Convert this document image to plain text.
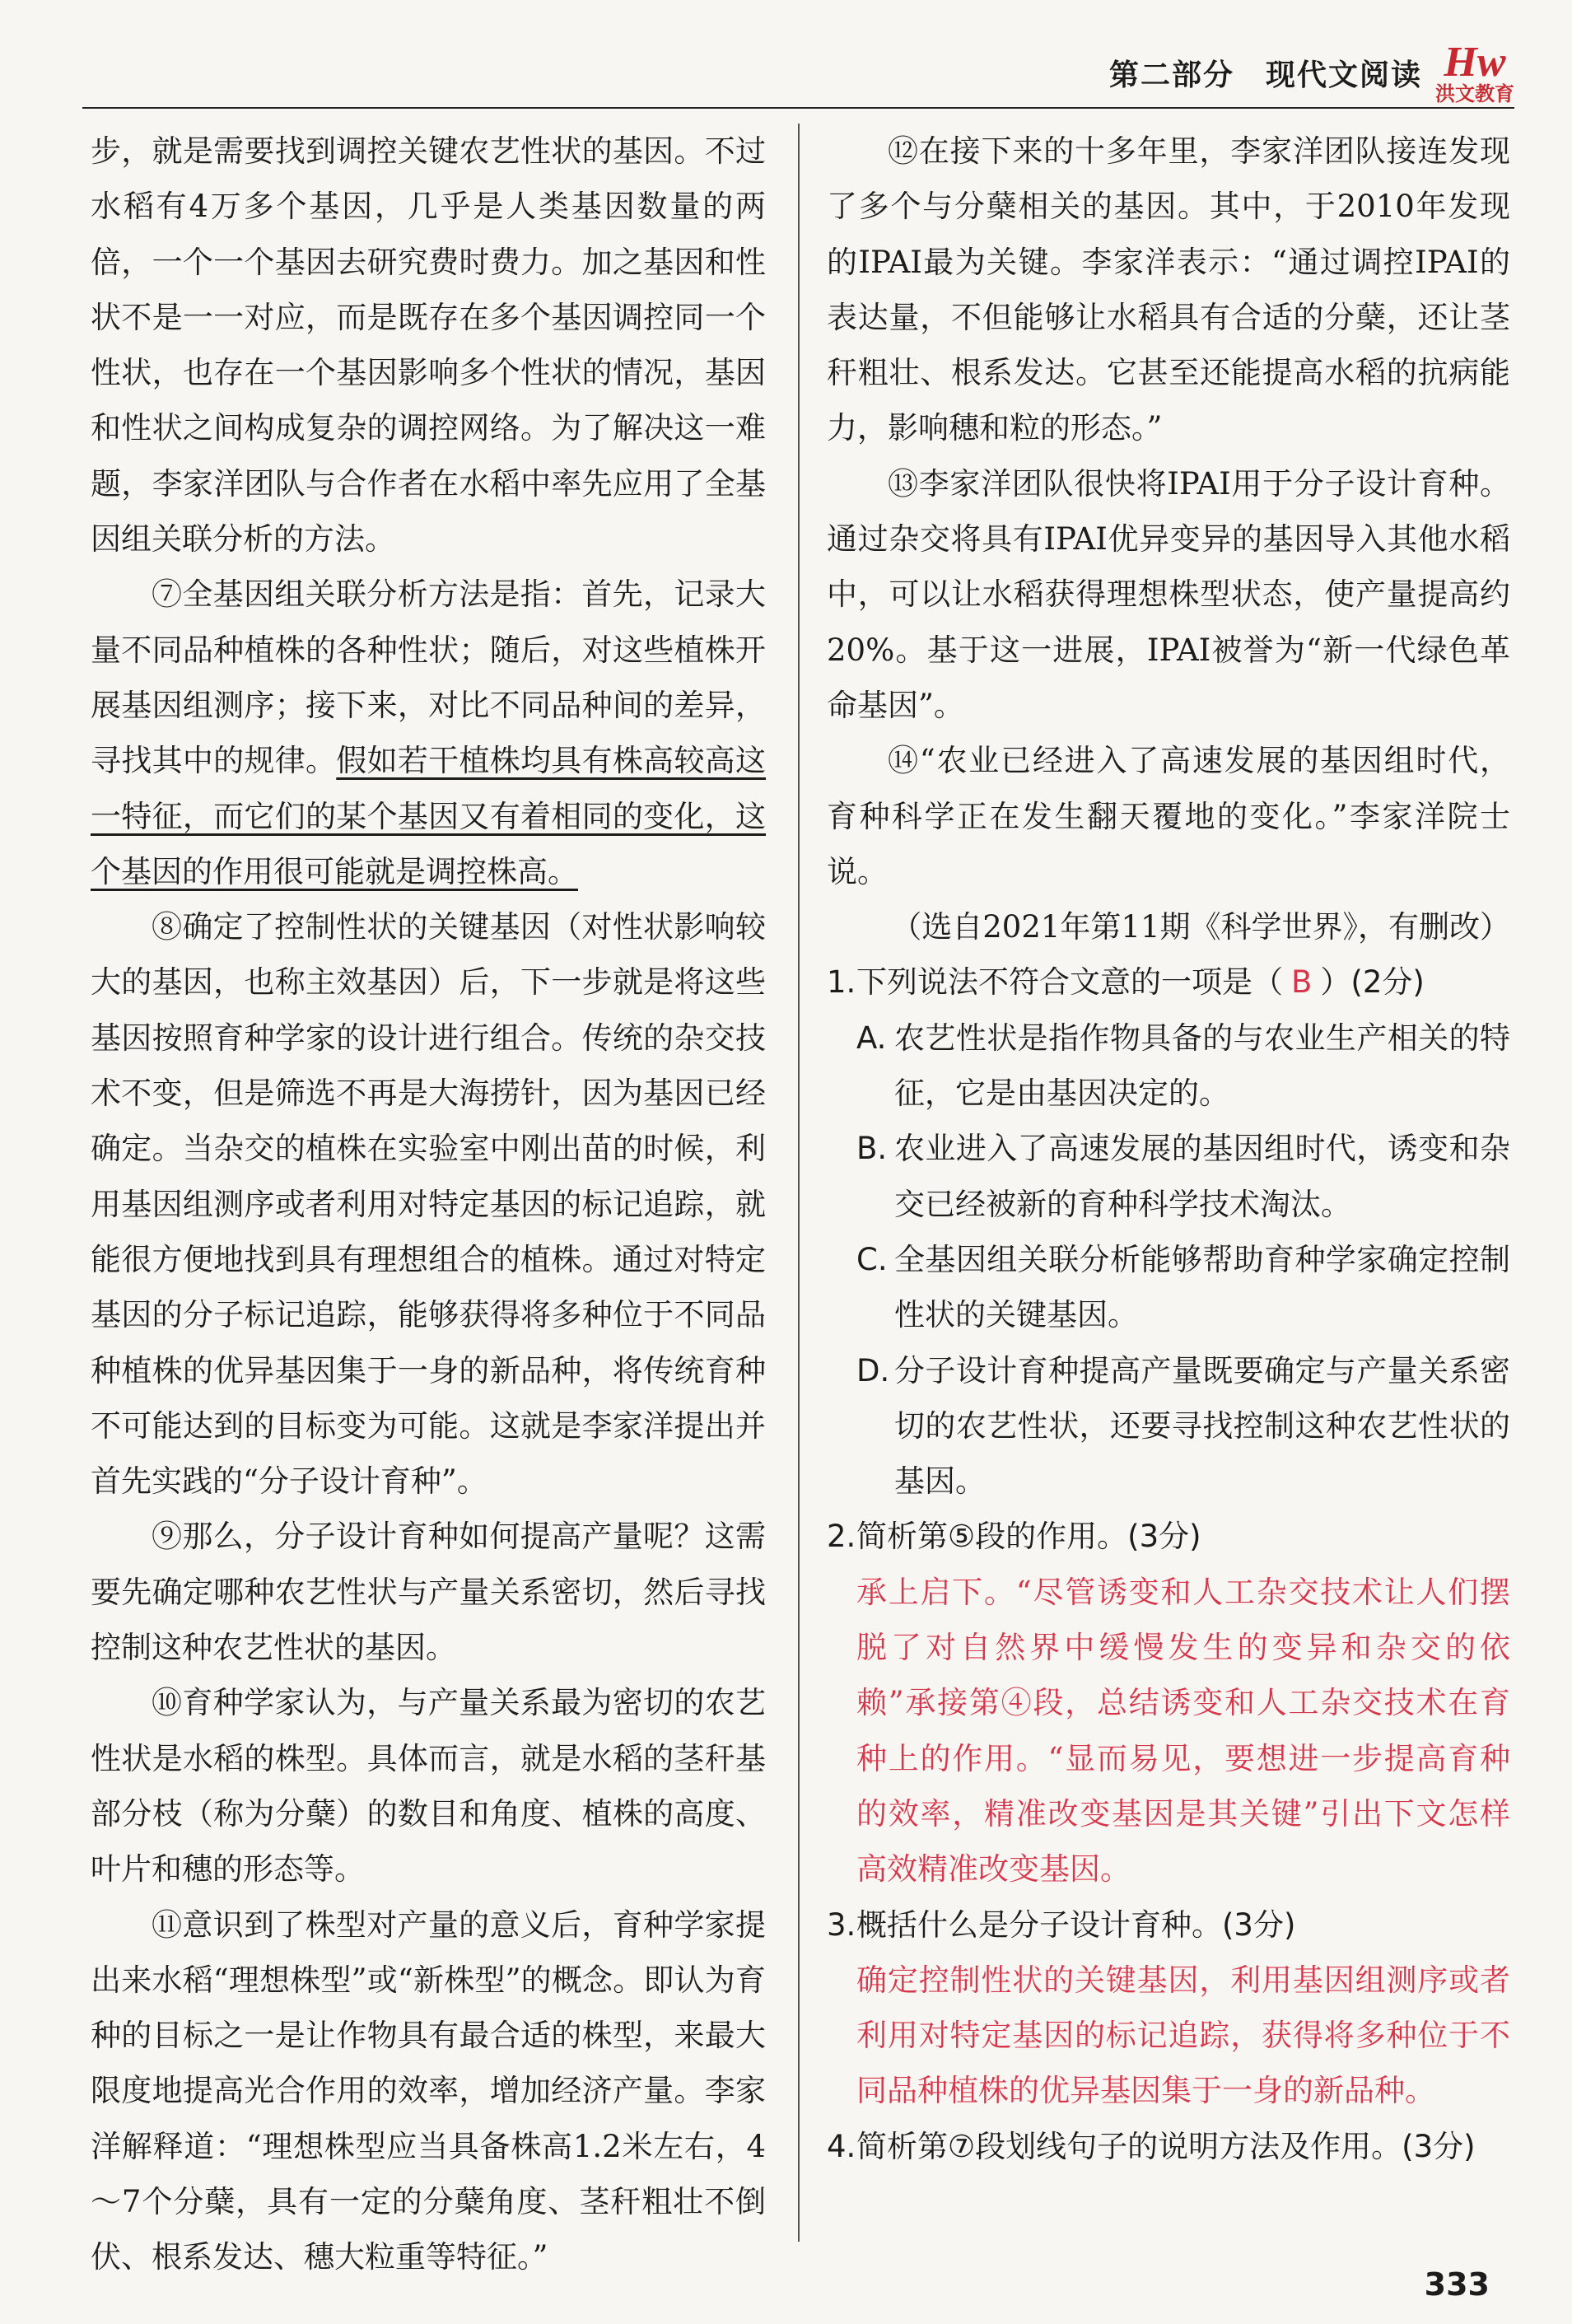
第二部分　现代文阅读 Hw
洪文教育

步，就是需要找到调控关键农艺性状的基因。不过水稻有4万多个基因，几乎是人类基因数量的两倍，一个一个基因去研究费时费力。加之基因和性状不是一一对应，而是既存在多个基因调控同一个性状，也存在一个基因影响多个性状的情况，基因和性状之间构成复杂的调控网络。为了解决这一难题，李家洋团队与合作者在水稻中率先应用了全基因组关联分析的方法。

⑦全基因组关联分析方法是指：首先，记录大量不同品种植株的各种性状；随后，对这些植株开展基因组测序；接下来，对比不同品种间的差异，寻找其中的规律。假如若干植株均具有株高较高这一特征，而它们的某个基因又有着相同的变化，这个基因的作用很可能就是调控株高。

⑧确定了控制性状的关键基因（对性状影响较大的基因，也称主效基因）后，下一步就是将这些基因按照育种学家的设计进行组合。传统的杂交技术不变，但是筛选不再是大海捞针，因为基因已经确定。当杂交的植株在实验室中刚出苗的时候，利用基因组测序或者利用对特定基因的标记追踪，就能很方便地找到具有理想组合的植株。通过对特定基因的分子标记追踪，能够获得将多种位于不同品种植株的优异基因集于一身的新品种，将传统育种不可能达到的目标变为可能。这就是李家洋提出并首先实践的“分子设计育种”。

⑨那么，分子设计育种如何提高产量呢？这需要先确定哪种农艺性状与产量关系密切，然后寻找控制这种农艺性状的基因。

⑩育种学家认为，与产量关系最为密切的农艺性状是水稻的株型。具体而言，就是水稻的茎秆基部分枝（称为分蘖）的数目和角度、植株的高度、叶片和穗的形态等。

⑪意识到了株型对产量的意义后，育种学家提出来水稻“理想株型”或“新株型”的概念。即认为育种的目标之一是让作物具有最合适的株型，来最大限度地提高光合作用的效率，增加经济产量。李家洋解释道：“理想株型应当具备株高1.2米左右，4～7个分蘖，具有一定的分蘖角度、茎秆粗壮不倒伏、根系发达、穗大粒重等特征。”

⑫在接下来的十多年里，李家洋团队接连发现了多个与分蘖相关的基因。其中，于2010年发现的IPAI最为关键。李家洋表示：“通过调控IPAI的表达量，不但能够让水稻具有合适的分蘖，还让茎秆粗壮、根系发达。它甚至还能提高水稻的抗病能力，影响穗和粒的形态。”

⑬李家洋团队很快将IPAI用于分子设计育种。通过杂交将具有IPAI优异变异的基因导入其他水稻中，可以让水稻获得理想株型状态，使产量提高约20%。基于这一进展，IPAI被誉为“新一代绿色革命基因”。

⑭“农业已经进入了高速发展的基因组时代，育种科学正在发生翻天覆地的变化。”李家洋院士说。

（选自2021年第11期《科学世界》，有删改）

1. 下列说法不符合文意的一项是（ B ）(2分)
A. 农艺性状是指作物具备的与农业生产相关的特征，它是由基因决定的。
B. 农业进入了高速发展的基因组时代，诱变和杂交已经被新的育种科学技术淘汰。
C. 全基因组关联分析能够帮助育种学家确定控制性状的关键基因。
D. 分子设计育种提高产量既要确定与产量关系密切的农艺性状，还要寻找控制这种农艺性状的基因。
2. 简析第⑤段的作用。(3分)

承上启下。“尽管诱变和人工杂交技术让人们摆脱了对自然界中缓慢发生的变异和杂交的依赖”承接第④段，总结诱变和人工杂交技术在育种上的作用。“显而易见，要想进一步提高育种的效率，精准改变基因是其关键”引出下文怎样高效精准改变基因。

3. 概括什么是分子设计育种。(3分)

确定控制性状的关键基因，利用基因组测序或者利用对特定基因的标记追踪，获得将多种位于不同品种植株的优异基因集于一身的新品种。

4. 简析第⑦段划线句子的说明方法及作用。(3分)
333
